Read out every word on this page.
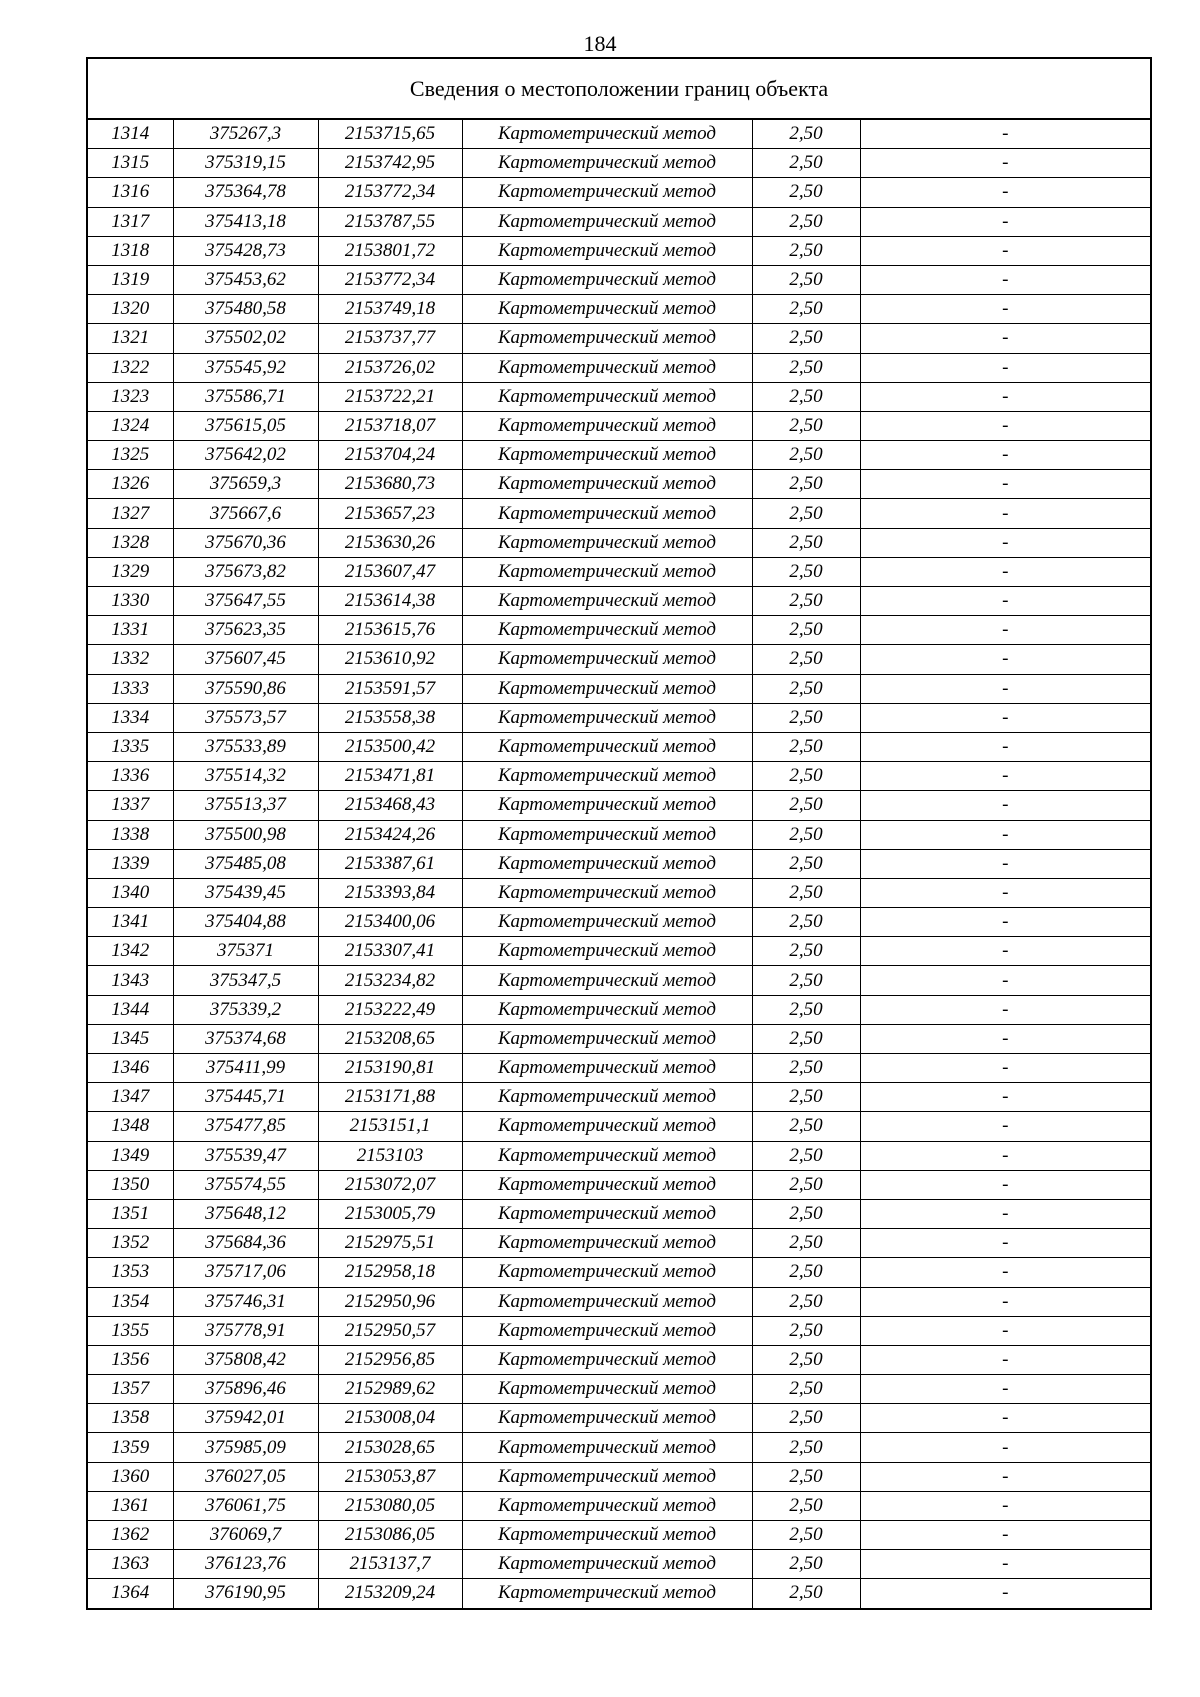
184
Сведения о местоположении границ объекта					
1314	375267,3	2153715,65	Картометрический метод	2,50	-
1315	375319,15	2153742,95	Картометрический метод	2,50	-
1316	375364,78	2153772,34	Картометрический метод	2,50	-
1317	375413,18	2153787,55	Картометрический метод	2,50	-
1318	375428,73	2153801,72	Картометрический метод	2,50	-
1319	375453,62	2153772,34	Картометрический метод	2,50	-
1320	375480,58	2153749,18	Картометрический метод	2,50	-
1321	375502,02	2153737,77	Картометрический метод	2,50	-
1322	375545,92	2153726,02	Картометрический метод	2,50	-
1323	375586,71	2153722,21	Картометрический метод	2,50	-
1324	375615,05	2153718,07	Картометрический метод	2,50	-
1325	375642,02	2153704,24	Картометрический метод	2,50	-
1326	375659,3	2153680,73	Картометрический метод	2,50	-
1327	375667,6	2153657,23	Картометрический метод	2,50	-
1328	375670,36	2153630,26	Картометрический метод	2,50	-
1329	375673,82	2153607,47	Картометрический метод	2,50	-
1330	375647,55	2153614,38	Картометрический метод	2,50	-
1331	375623,35	2153615,76	Картометрический метод	2,50	-
1332	375607,45	2153610,92	Картометрический метод	2,50	-
1333	375590,86	2153591,57	Картометрический метод	2,50	-
1334	375573,57	2153558,38	Картометрический метод	2,50	-
1335	375533,89	2153500,42	Картометрический метод	2,50	-
1336	375514,32	2153471,81	Картометрический метод	2,50	-
1337	375513,37	2153468,43	Картометрический метод	2,50	-
1338	375500,98	2153424,26	Картометрический метод	2,50	-
1339	375485,08	2153387,61	Картометрический метод	2,50	-
1340	375439,45	2153393,84	Картометрический метод	2,50	-
1341	375404,88	2153400,06	Картометрический метод	2,50	-
1342	375371	2153307,41	Картометрический метод	2,50	-
1343	375347,5	2153234,82	Картометрический метод	2,50	-
1344	375339,2	2153222,49	Картометрический метод	2,50	-
1345	375374,68	2153208,65	Картометрический метод	2,50	-
1346	375411,99	2153190,81	Картометрический метод	2,50	-
1347	375445,71	2153171,88	Картометрический метод	2,50	-
1348	375477,85	2153151,1	Картометрический метод	2,50	-
1349	375539,47	2153103	Картометрический метод	2,50	-
1350	375574,55	2153072,07	Картометрический метод	2,50	-
1351	375648,12	2153005,79	Картометрический метод	2,50	-
1352	375684,36	2152975,51	Картометрический метод	2,50	-
1353	375717,06	2152958,18	Картометрический метод	2,50	-
1354	375746,31	2152950,96	Картометрический метод	2,50	-
1355	375778,91	2152950,57	Картометрический метод	2,50	-
1356	375808,42	2152956,85	Картометрический метод	2,50	-
1357	375896,46	2152989,62	Картометрический метод	2,50	-
1358	375942,01	2153008,04	Картометрический метод	2,50	-
1359	375985,09	2153028,65	Картометрический метод	2,50	-
1360	376027,05	2153053,87	Картометрический метод	2,50	-
1361	376061,75	2153080,05	Картометрический метод	2,50	-
1362	376069,7	2153086,05	Картометрический метод	2,50	-
1363	376123,76	2153137,7	Картометрический метод	2,50	-
1364	376190,95	2153209,24	Картометрический метод	2,50	-
